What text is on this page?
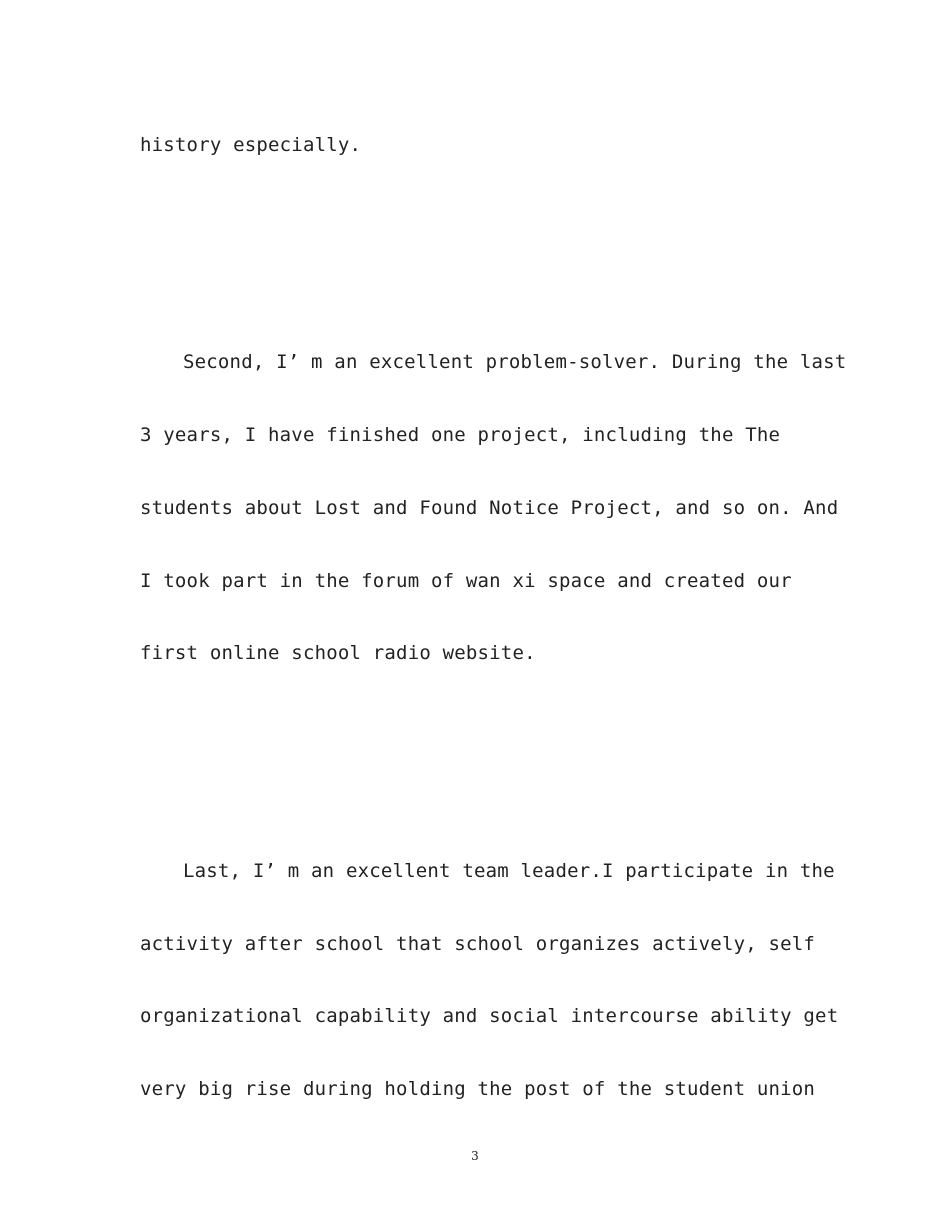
history especially.
Second, I’ m an excellent problem-solver. During the last
3 years, I have finished one project, including the The
students about Lost and Found Notice Project, and so on. And
I took part in the forum of wan xi space and created our
first online school radio website.
Last, I’ m an excellent team leader.I participate in the
activity after school that school organizes actively, self
organizational capability and social intercourse ability get
very big rise during holding the post of the student union
3
